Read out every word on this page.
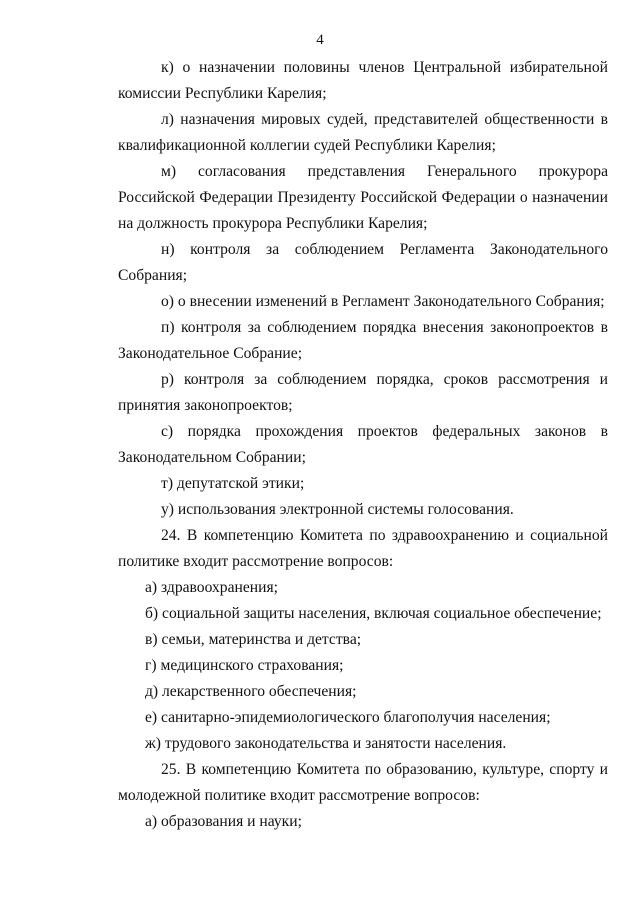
4

к) о назначении половины членов Центральной избирательной комиссии Республики Карелия;

л) назначения мировых судей, представителей общественности в квалификационной коллегии судей Республики Карелия;

м) согласования представления Генерального прокурора Российской Федерации Президенту Российской Федерации о назначении на должность прокурора Республики Карелия;

н) контроля за соблюдением Регламента Законодательного Собрания;

о) о внесении изменений в Регламент Законодательного Собрания;

п) контроля за соблюдением порядка внесения законопроектов в Законодательное Собрание;

р) контроля за соблюдением порядка, сроков рассмотрения и принятия законопроектов;

с) порядка прохождения проектов федеральных законов в Законодательном Собрании;

т) депутатской этики;

у) использования электронной системы голосования.

24. В компетенцию Комитета по здравоохранению и социальной политике входит рассмотрение вопросов:

а) здравоохранения;

б) социальной защиты населения, включая социальное обеспечение;

в) семьи, материнства и детства;

г) медицинского страхования;

д) лекарственного обеспечения;

е) санитарно-эпидемиологического благополучия населения;

ж) трудового законодательства и занятости населения.

25. В компетенцию Комитета по образованию, культуре, спорту и молодежной политике входит рассмотрение вопросов:

а) образования и науки;
